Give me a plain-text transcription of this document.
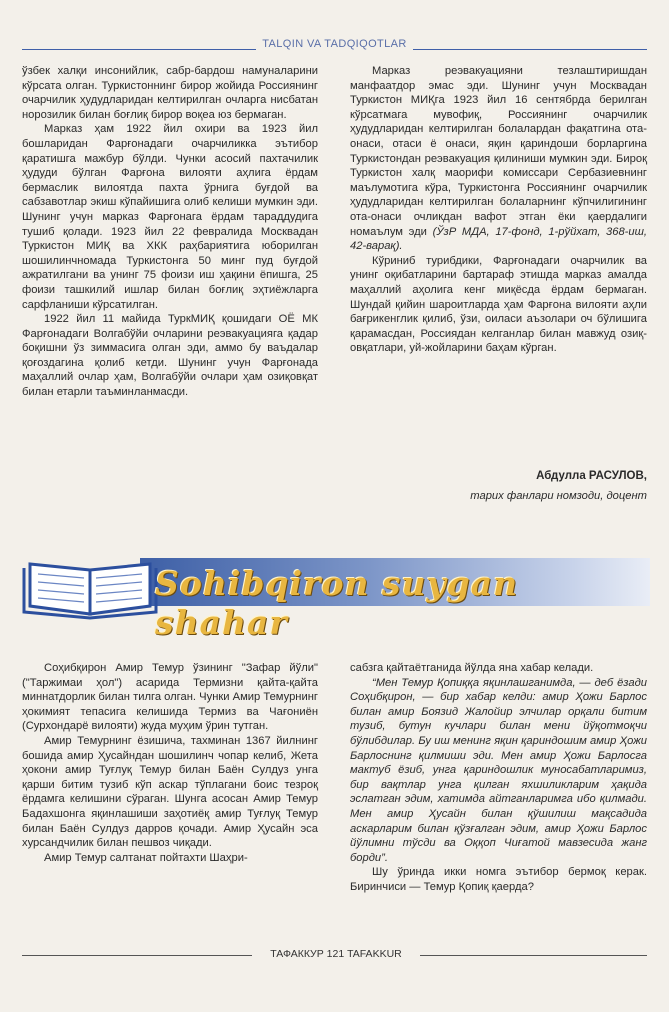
TALQIN VA TADQIQOTLAR

ўзбек халқи инсонийлик, сабр-бардош намуналарини кўрсата олган. Туркистоннинг бирор жойида Россиянинг очарчилик ҳудудларидан келтирилган очларга нисбатан норозилик билан боғлиқ бирор воқеа юз бермаган.

Марказ ҳам 1922 йил охири ва 1923 йил бошларидан Фарғонадаги очарчиликка эътибор қаратишга мажбур бўлди. Чунки асосий пахтачилик ҳудуди бўлган Фарғона вилояти аҳлига ёрдам бермаслик вилоятда пахта ўрнига буғдой ва сабзавотлар экиш кўпайишига олиб келиши мумкин эди. Шунинг учун марказ Фарғонага ёрдам тараддудига тушиб қолади. 1923 йил 22 февралида Москвадан Туркистон МИҚ ва ХКК раҳбариятига юборилган шошилинчномада Туркистонга 50 минг пуд буғдой ажратилгани ва унинг 75 фоизи иш ҳақини ёпишга, 25 фоизи ташкилий ишлар билан боғлиқ эҳтиёжларга сарфланиши кўрсатилган.

1922 йил 11 майида ТуркМИҚ қошидаги ОЁ МК Фарғонадаги Волгабўйи очларини реэвакуацияга қадар боқишни ўз зиммасига олган эди, аммо бу ваъдалар қоғоздагина қолиб кетди. Шунинг учун Фарғонада маҳаллий очлар ҳам, Волгабўйи очлари ҳам озиқовқат билан етарли таъминланмасди.

Марказ реэвакуацияни тезлаштиришдан манфаатдор эмас эди. Шунинг учун Москвадан Туркистон МИҚга 1923 йил 16 сентябрда берилган кўрсатмага мувофиқ, Россиянинг очарчилик ҳудудларидан келтирилган болалардан фақатгина ота-онаси, отаси ё онаси, яқин қариндоши борларгина Туркистондан реэвакуация қилиниши мумкин эди. Бироқ Туркистон халқ маорифи комиссари Сербазиевнинг маълумотига кўра, Туркистонга Россиянинг очарчилик ҳудудларидан келтирилган болаларнинг кўпчилигининг ота-онаси очликдан вафот этган ёки қаердалиги номаълум эди (ЎзР МДА, 17-фонд, 1-рўйхат, 368-иш, 42-варақ).

Кўриниб турибдики, Фарғонадаги очарчилик ва унинг оқибатларини бартараф этишда марказ амалда маҳаллий аҳолига кенг миқёсда ёрдам бермаган. Шундай қийин шароитларда ҳам Фарғона вилояти аҳли бағрикенглик қилиб, ўзи, оиласи аъзолари оч бўлишига қарамасдан, Россиядан келганлар билан мавжуд озиқ-овқатлари, уй-жойларини баҳам кўрган.

Абдулла РАСУЛОВ,
тарих фанлари номзоди, доцент
Sohibqiron suygan shahar

Соҳибқирон Амир Темур ўзининг "Зафар йўли" ("Таржимаи ҳол") асарида Термизни қайта-қайта миннатдорлик билан тилга олган. Чунки Амир Темурнинг ҳокимият тепасига келишида Термиз ва Чағониён (Сурхондарё вилояти) жуда муҳим ўрин тутган.

Амир Темурнинг ёзишича, тахминан 1367 йилнинг бошида амир Ҳусайндан шошилинч чопар келиб, Жета ҳокони амир Туғлуқ Темур билан Баён Сулдуз унга қарши битим тузиб кўп аскар тўплагани боис тезроқ ёрдамга келишини сўраган. Шунга асосан Амир Темур Бадахшонга яқинлашиши заҳотиёқ амир Туғлуқ Темур билан Баён Сулдуз дарров қочади. Амир Ҳусайн эса хурсандчилик билан пешвоз чиқади.

Амир Темур салтанат пойтахти Шаҳри-

сабзга қайтаётганида йўлда яна хабар келади.

“Мен Темур Қопиққа яқинлашганимда, — деб ёзади Соҳибқирон, — бир хабар келди: амир Ҳожи Барлос билан амир Боязид Жалойир элчилар орқали битим тузиб, бутун кучлари билан мени йўқотмоқчи бўлибдилар. Бу иш менинг яқин қариндошим амир Ҳожи Барлоснинг қилмиши эди. Мен амир Ҳожи Барлосга мактуб ёзиб, унга қариндошлик муносабатларимиз, бир вақтлар унга қилган яхшиликларим ҳақида эслатган эдим, хатимда айтганларимга ибо қилмади. Мен амир Ҳусайн билан қўшилиш мақсадида аскарларим билан қўзғалган эдим, амир Ҳожи Барлос йўлимни тўсди ва Оққоп Чиғатой мавзесида жанг борди”.

Шу ўринда икки номга эътибор бермоқ керак. Биринчиси — Темур Қопиқ қаерда?

ТАФАККУР 121 TAFAKKUR
